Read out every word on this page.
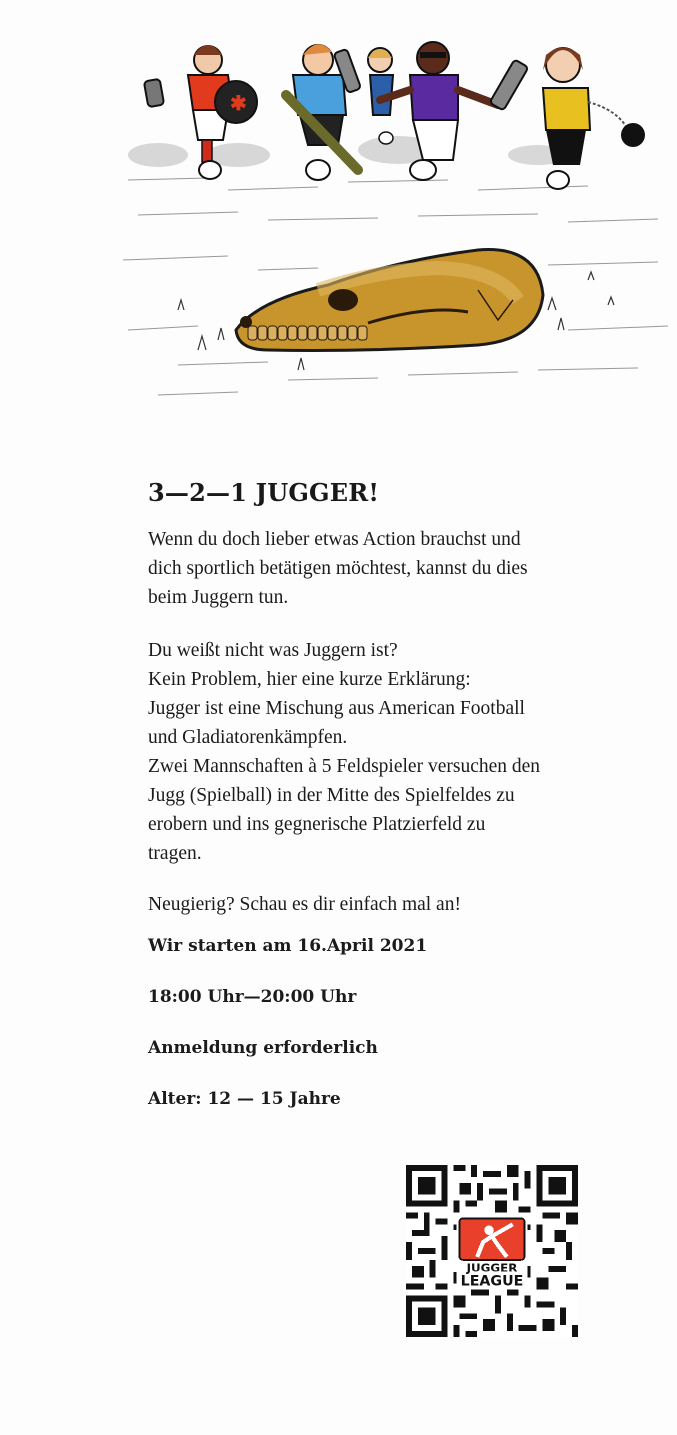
✱
3—2—1 JUGGER!

Wenn du doch lieber etwas Action brauchst und
dich sportlich betätigen möchtest, kannst du dies
beim Juggern tun.

Du weißt nicht was Juggern ist?
Kein Problem, hier eine kurze Erklärung:
Jugger ist eine Mischung aus American Football
und Gladiatorenkämpfen.
Zwei Mannschaften à 5 Feldspieler versuchen den
Jugg (Spielball) in der Mitte des Spielfeldes zu
erobern und ins gegnerische Platzierfeld zu
tragen.

Neugierig? Schau es dir einfach mal an!

Wir starten am 16.April 2021
18:00 Uhr—20:00 Uhr
Anmeldung erforderlich
Alter: 12 — 15 Jahre
JUGGER
LEAGUE
